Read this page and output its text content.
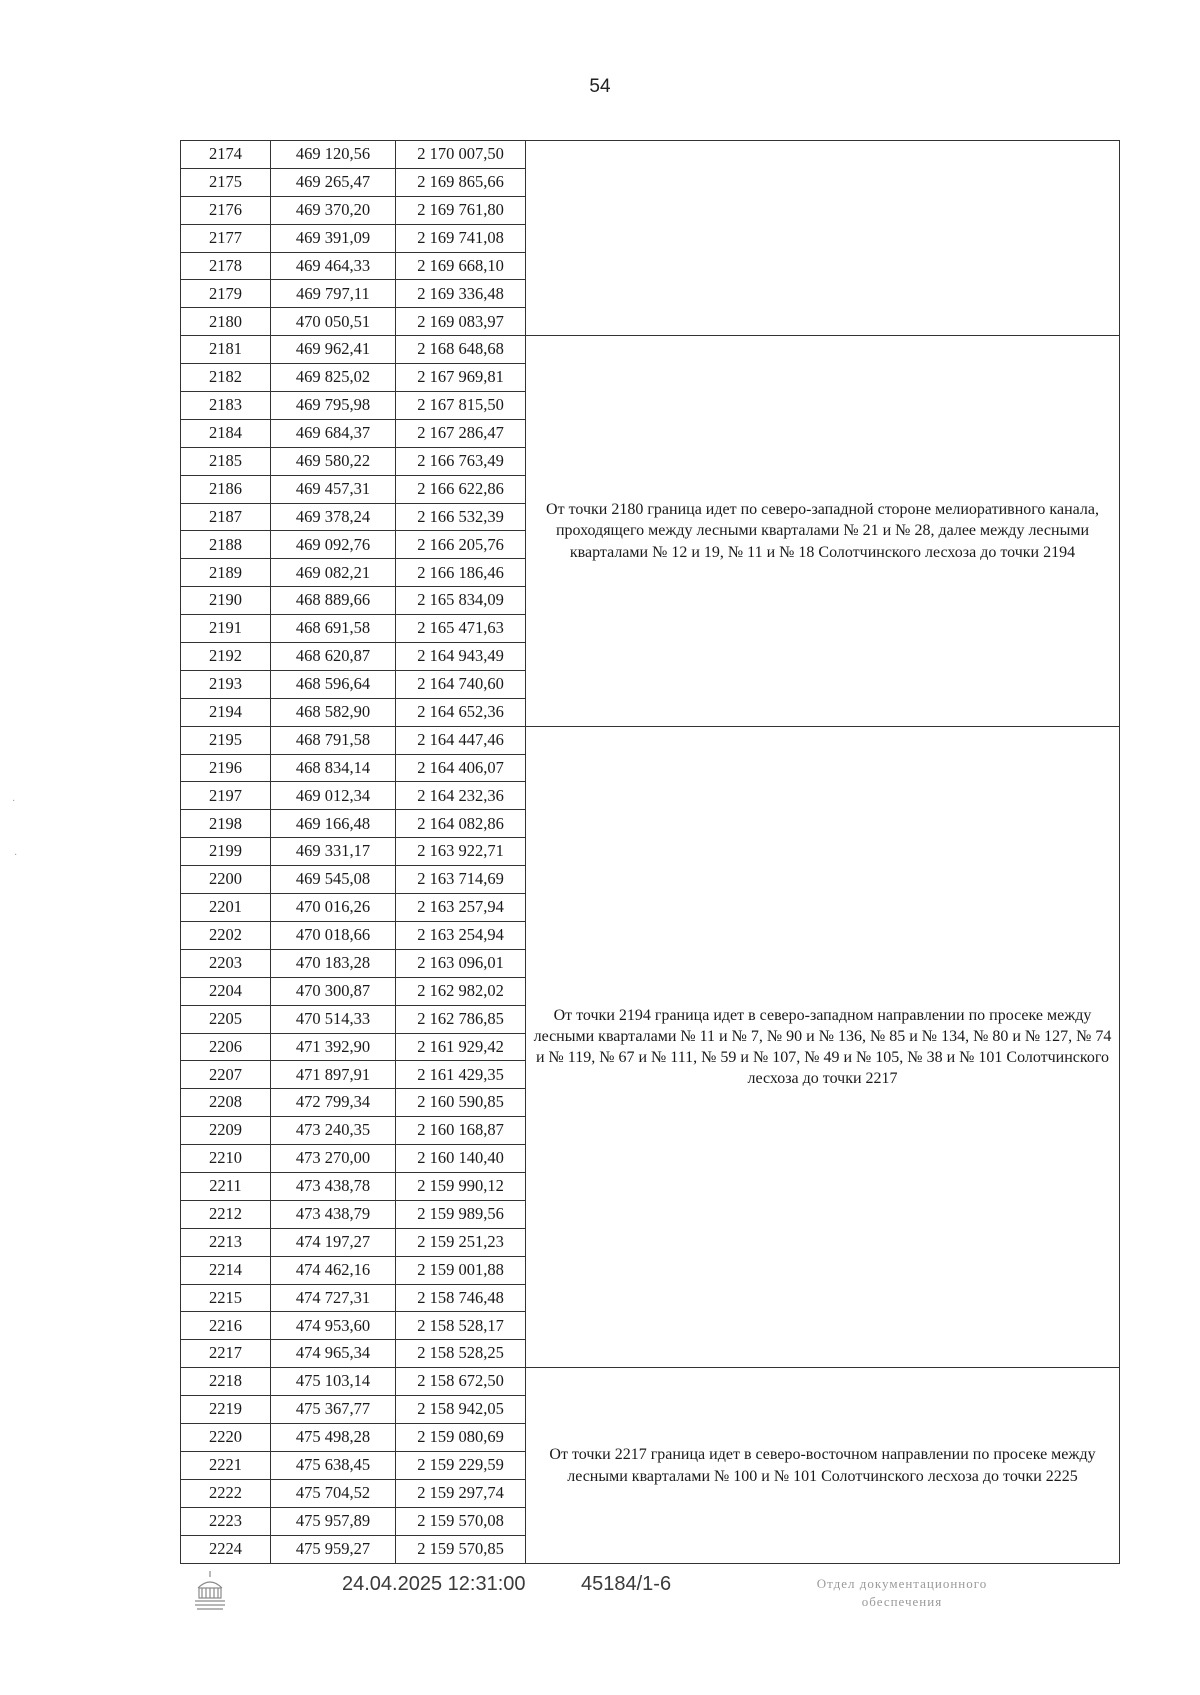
54
2174	469 120,56	2 170 007,50	
2175	469 265,47	2 169 865,66	
2176	469 370,20	2 169 761,80	
2177	469 391,09	2 169 741,08	
2178	469 464,33	2 169 668,10	
2179	469 797,11	2 169 336,48	
2180	470 050,51	2 169 083,97	
2181	469 962,41	2 168 648,68	От точки 2180 граница идет по северо-западной стороне мелиоративного канала, проходящего между лесными кварталами № 21 и № 28, далее между лесными кварталами № 12 и 19, № 11 и № 18 Солотчинского лесхоза до точки 2194
2182	469 825,02	2 167 969,81	
2183	469 795,98	2 167 815,50	
2184	469 684,37	2 167 286,47	
2185	469 580,22	2 166 763,49	
2186	469 457,31	2 166 622,86	
2187	469 378,24	2 166 532,39	
2188	469 092,76	2 166 205,76	
2189	469 082,21	2 166 186,46	
2190	468 889,66	2 165 834,09	
2191	468 691,58	2 165 471,63	
2192	468 620,87	2 164 943,49	
2193	468 596,64	2 164 740,60	
2194	468 582,90	2 164 652,36	
2195	468 791,58	2 164 447,46	От точки 2194 граница идет в северо-западном направлении по просеке между лесными кварталами № 11 и № 7, № 90 и № 136, № 85 и № 134, № 80 и № 127, № 74 и № 119, № 67 и № 111, № 59 и № 107, № 49 и № 105, № 38 и № 101 Солотчинского лесхоза до точки 2217
2196	468 834,14	2 164 406,07	
2197	469 012,34	2 164 232,36	
2198	469 166,48	2 164 082,86	
2199	469 331,17	2 163 922,71	
2200	469 545,08	2 163 714,69	
2201	470 016,26	2 163 257,94	
2202	470 018,66	2 163 254,94	
2203	470 183,28	2 163 096,01	
2204	470 300,87	2 162 982,02	
2205	470 514,33	2 162 786,85	
2206	471 392,90	2 161 929,42	
2207	471 897,91	2 161 429,35	
2208	472 799,34	2 160 590,85	
2209	473 240,35	2 160 168,87	
2210	473 270,00	2 160 140,40	
2211	473 438,78	2 159 990,12	
2212	473 438,79	2 159 989,56	
2213	474 197,27	2 159 251,23	
2214	474 462,16	2 159 001,88	
2215	474 727,31	2 158 746,48	
2216	474 953,60	2 158 528,17	
2217	474 965,34	2 158 528,25	
2218	475 103,14	2 158 672,50	От точки 2217 граница идет в северо-восточном направлении по просеке между лесными кварталами № 100 и № 101 Солотчинского лесхоза до точки 2225
2219	475 367,77	2 158 942,05	
2220	475 498,28	2 159 080,69	
2221	475 638,45	2 159 229,59	
2222	475 704,52	2 159 297,74	
2223	475 957,89	2 159 570,08	
2224	475 959,27	2 159 570,85	
24.04.2025 12:31:00	45184/1-6	Отдел документационного
обеспечения
·
·
